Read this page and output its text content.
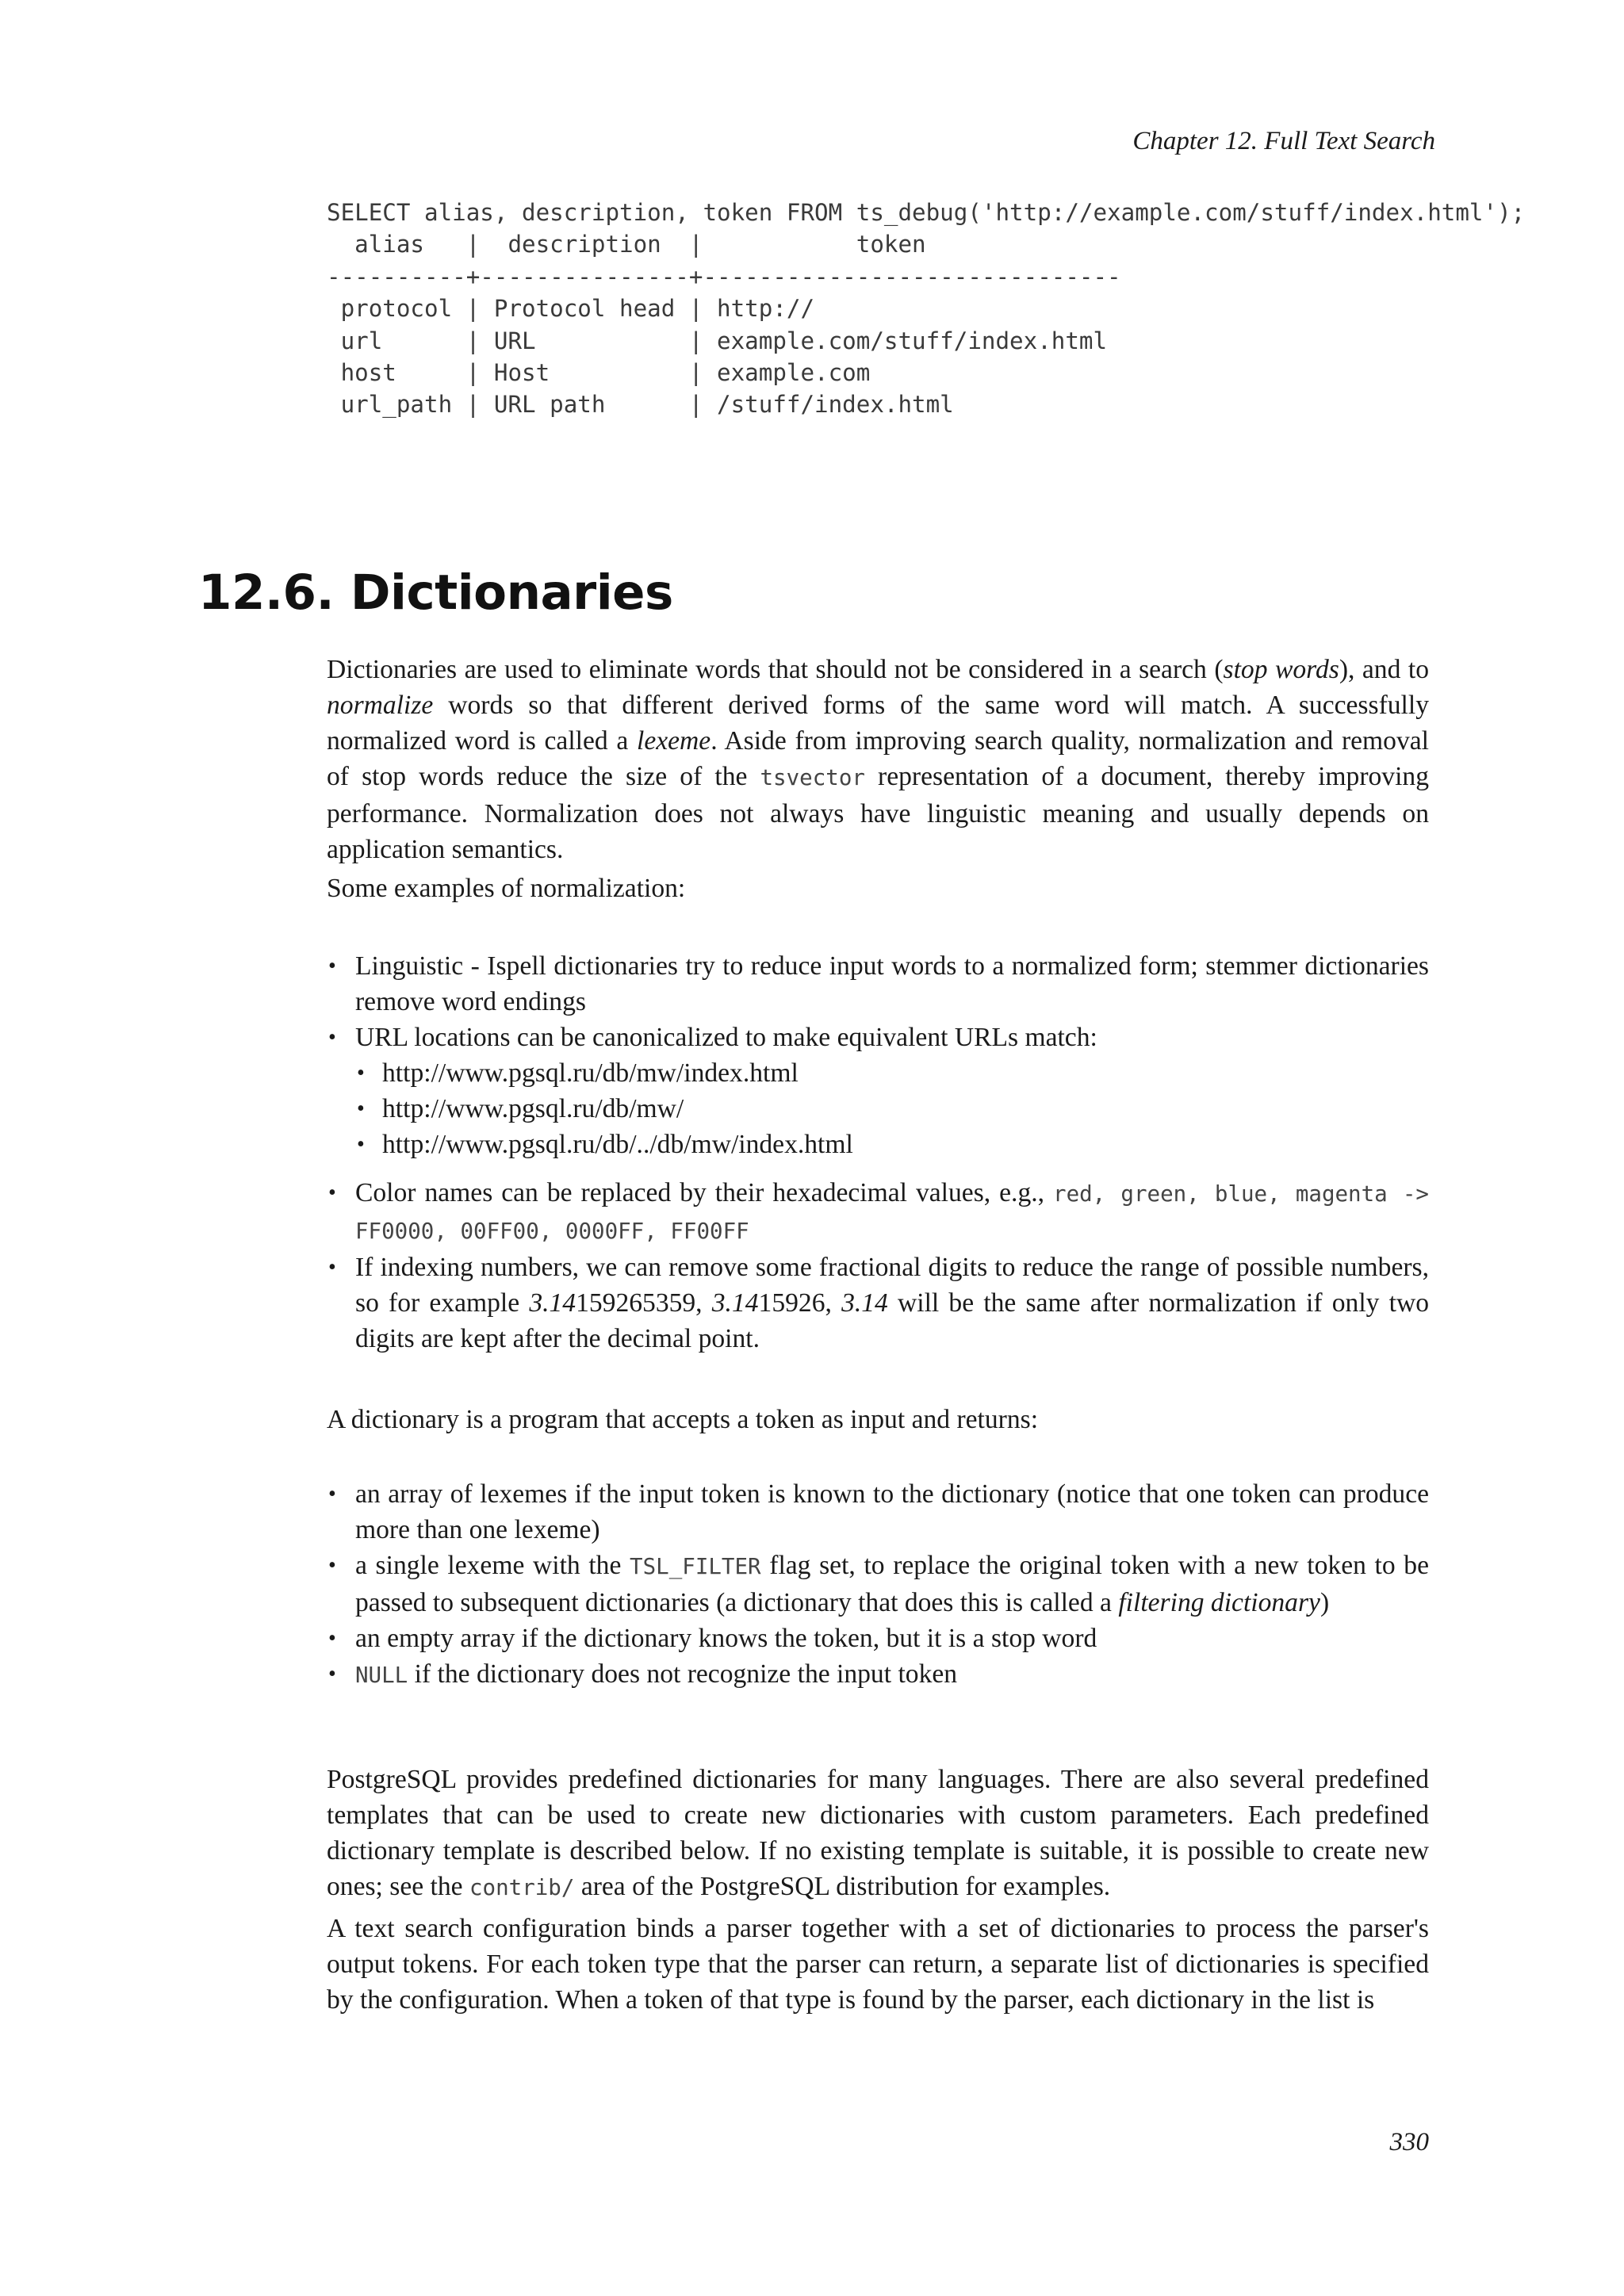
Chapter 12. Full Text Search
SELECT alias, description, token FROM ts_debug('http://example.com/stuff/index.html');
alias   |  description  |           token
----------+---------------+------------------------------
protocol | Protocol head | http://
url      | URL           | example.com/stuff/index.html
host     | Host          | example.com
url_path | URL path      | /stuff/index.html
12.6. Dictionaries

Dictionaries are used to eliminate words that should not be considered in a search (stop words), and to normalize words so that different derived forms of the same word will match. A successfully normalized word is called a lexeme. Aside from improving search quality, normalization and removal of stop words reduce the size of the tsvector representation of a document, thereby improving performance. Normalization does not always have linguistic meaning and usually depends on application semantics.

Some examples of normalization:

• Linguistic - Ispell dictionaries try to reduce input words to a normalized form; stemmer dictionaries remove word endings
• URL locations can be canonicalized to make equivalent URLs match:
• http://www.pgsql.ru/db/mw/index.html
• http://www.pgsql.ru/db/mw/
• http://www.pgsql.ru/db/../db/mw/index.html
• Color names can be replaced by their hexadecimal values, e.g., red, green, blue, magenta -> FF0000, 00FF00, 0000FF, FF00FF
• If indexing numbers, we can remove some fractional digits to reduce the range of possible numbers, so for example 3.14159265359, 3.1415926, 3.14 will be the same after normalization if only two digits are kept after the decimal point.

A dictionary is a program that accepts a token as input and returns:

• an array of lexemes if the input token is known to the dictionary (notice that one token can produce more than one lexeme)
• a single lexeme with the TSL_FILTER flag set, to replace the original token with a new token to be passed to subsequent dictionaries (a dictionary that does this is called a filtering dictionary)
• an empty array if the dictionary knows the token, but it is a stop word
• NULL if the dictionary does not recognize the input token

PostgreSQL provides predefined dictionaries for many languages. There are also several predefined templates that can be used to create new dictionaries with custom parameters. Each predefined dictionary template is described below. If no existing template is suitable, it is possible to create new ones; see the contrib/ area of the PostgreSQL distribution for examples.

A text search configuration binds a parser together with a set of dictionaries to process the parser's output tokens. For each token type that the parser can return, a separate list of dictionaries is specified by the configuration. When a token of that type is found by the parser, each dictionary in the list is

330
